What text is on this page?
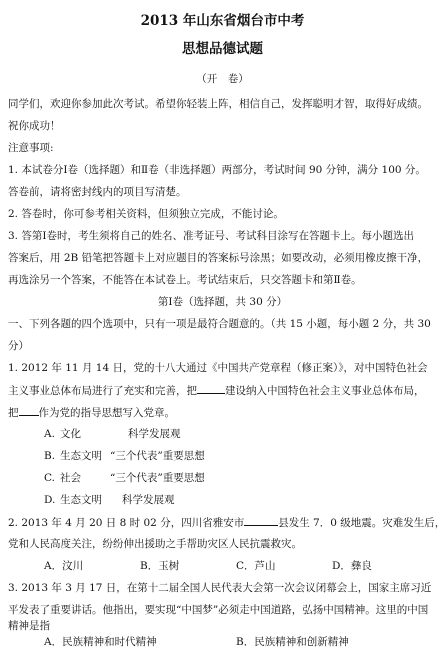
2013 年山东省烟台市中考
思想品德试题
（开　卷）
同学们，欢迎你参加此次考试。希望你轻装上阵，相信自己，发挥聪明才智，取得好成绩。
祝你成功！
注意事项:
1. 本试卷分Ⅰ卷（选择题）和Ⅱ卷（非选择题）两部分，考试时间 90 分钟，满分 100 分。
答卷前，请将密封线内的项目写清楚。
2. 答卷时，你可参考相关资料，但须独立完成，不能讨论。
3. 答第Ⅰ卷时，考生须将自己的姓名、准考证号、考试科目涂写在答题卡上。每小题选出
答案后，用 2B 铅笔把答题卡上对应题目的答案标号涂黑；如要改动，必须用橡皮擦干净，
再选涂另一个答案，不能答在本试卷上。考试结束后，只交答题卡和第Ⅱ卷。
第Ⅰ卷（选择题，共 30 分）
一、下列各题的四个选项中，只有一项是最符合题意的。（共 15 小题，每小题 2 分，共 30
分）
1. 2012 年 11 月 14 日，党的十八大通过《中国共产党章程（修正案）》，对中国特色社会
主义事业总体布局进行了充实和完善，把	建设纳入中国特色社会主义事业总体布局，
把 作为党的指导思想写入党章。
A. 文化	科学发展观
B. 生态文明 “三个代表”重要思想
C. 社会	“三个代表”重要思想
D. 生态文明 科学发展观
2. 2013 年 4 月 20 日 8 时 02 分，四川省雅安市	县发生 7．0 级地震。灾难发生后，
党和人民高度关注，纷纷伸出援助之手帮助灾区人民抗震救灾。
A．汶川	B．玉树	C．芦山	D．彝良
3. 2013 年 3 月 17 日，在第十二届全国人民代表大会第一次会议闭幕会上，国家主席习近
平发表了重要讲话。他指出，要实现“中国梦”必须走中国道路，弘扬中国精神。这里的中国
精神是指
A．民族精神和时代精神	B．民族精神和创新精神
